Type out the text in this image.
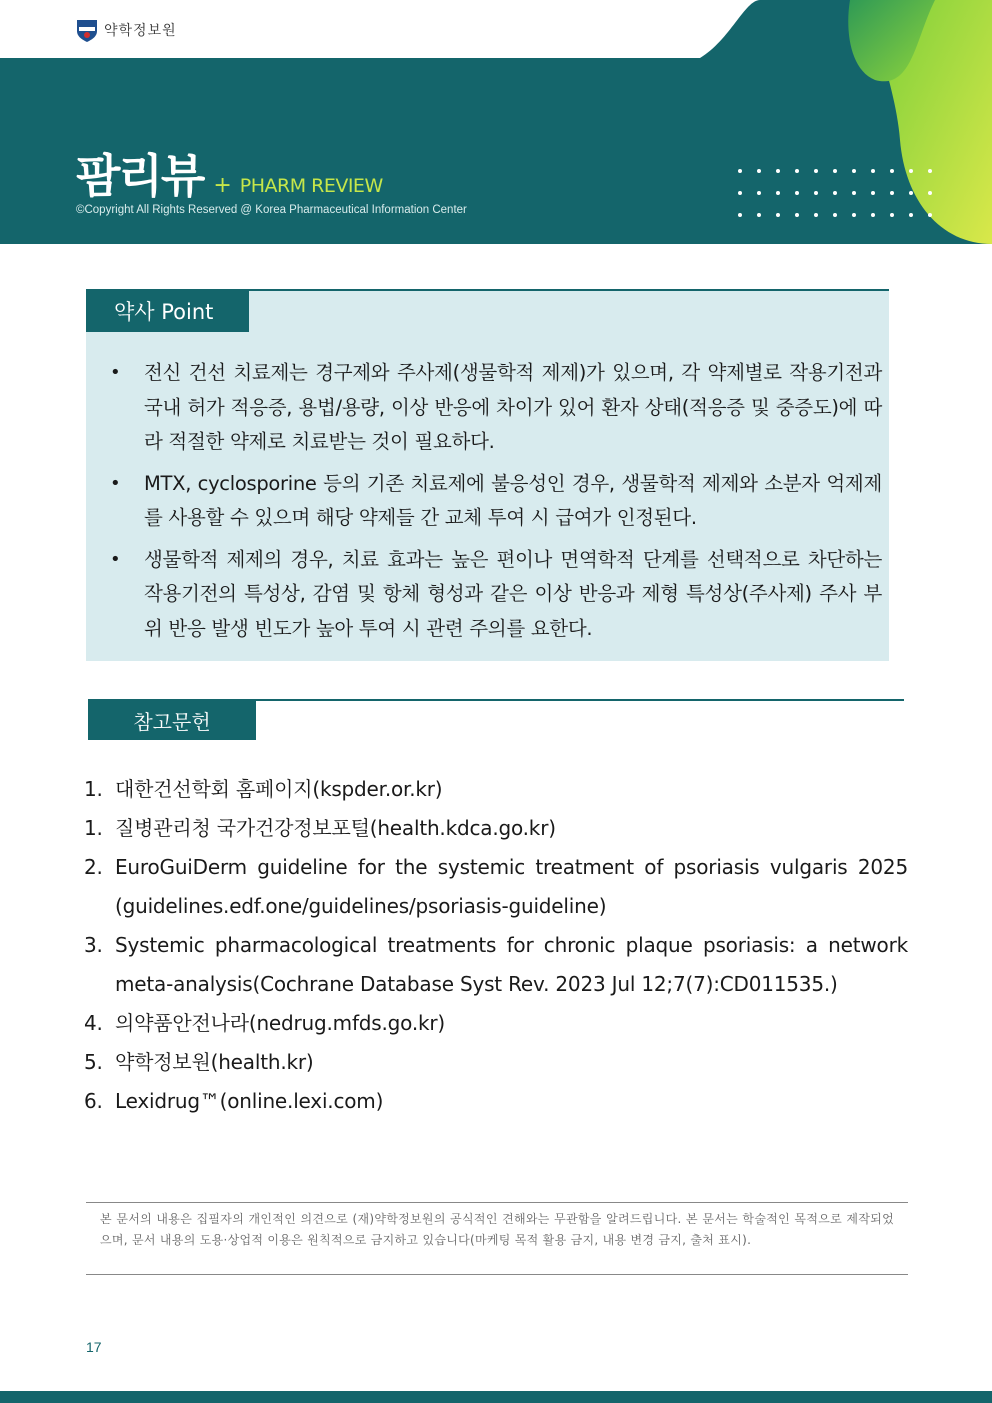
약학정보원
팜리뷰 + PHARM REVIEW
©Copyright All Rights Reserved @ Korea Pharmaceutical Information Center
약사 Point
• 전신 건선 치료제는 경구제와 주사제(생물학적 제제)가 있으며, 각 약제별로 작용기전과 국내 허가 적응증, 용법/용량, 이상 반응에 차이가 있어 환자 상태(적응증 및 중증도)에 따라 적절한 약제로 치료받는 것이 필요하다.
• MTX, cyclosporine 등의 기존 치료제에 불응성인 경우, 생물학적 제제와 소분자 억제제를 사용할 수 있으며 해당 약제들 간 교체 투여 시 급여가 인정된다.
• 생물학적 제제의 경우, 치료 효과는 높은 편이나 면역학적 단계를 선택적으로 차단하는 작용기전의 특성상, 감염 및 항체 형성과 같은 이상 반응과 제형 특성상(주사제) 주사 부위 반응 발생 빈도가 높아 투여 시 관련 주의를 요한다.
참고문헌
1. 대한건선학회 홈페이지(kspder.or.kr)
1. 질병관리청 국가건강정보포털(health.kdca.go.kr)
2. EuroGuiDerm guideline for the systemic treatment of psoriasis vulgaris 2025 (guidelines.edf.one/guidelines/psoriasis-guideline)
3. Systemic pharmacological treatments for chronic plaque psoriasis: a network meta-analysis(Cochrane Database Syst Rev. 2023 Jul 12;7(7):CD011535.)
4. 의약품안전나라(nedrug.mfds.go.kr)
5. 약학정보원(health.kr)
6. Lexidrug™(online.lexi.com)
본 문서의 내용은 집필자의 개인적인 의견으로 (재)약학정보원의 공식적인 견해와는 무관함을 알려드립니다. 본 문서는 학술적인 목적으로 제작되었으며, 문서 내용의 도용·상업적 이용은 원칙적으로 금지하고 있습니다(마케팅 목적 활용 금지, 내용 변경 금지, 출처 표시).
17
